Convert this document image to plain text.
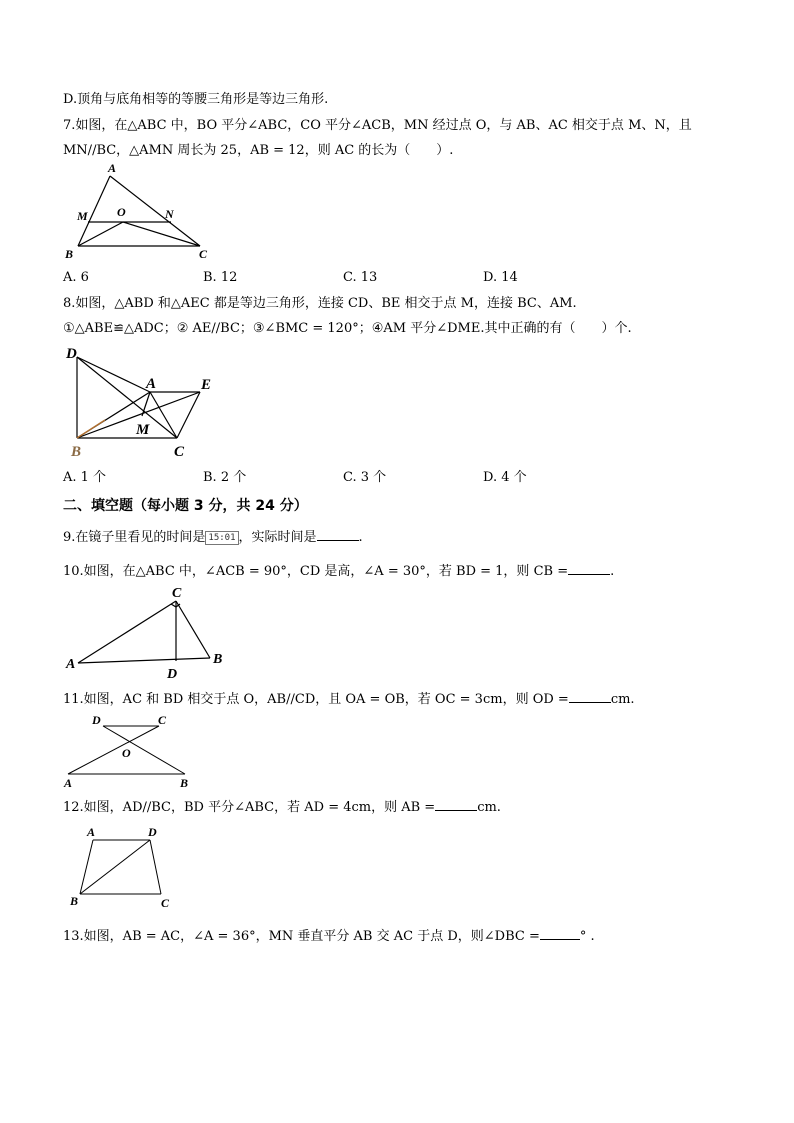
D.顶角与底角相等的等腰三角形是等边三角形.
7.如图，在△ABC 中，BO 平分∠ABC，CO 平分∠ACB，MN 经过点 O，与 AB、AC 相交于点 M、N，且
MN//BC，△AMN 周长为 25，AB = 12，则 AC 的长为（　　）.
A
M O	N
B	C
A. 6	B. 12	C. 13	D. 14
8.如图，△ABD 和△AEC 都是等边三角形，连接 CD、BE 相交于点 M，连接 BC、AM.
①△ABE≌△ADC；② AE//BC；③∠BMC = 120°；④AM 平分∠DME.其中正确的有（　　）个.
D
A	E
M
B	C
A. 1 个	B. 2 个	C. 3 个	D. 4 个
二、填空题（每小题 3 分，共 24 分）
9.在镜子里看见的时间是 15:01 ，实际时间是	.
10.如图，在△ABC 中，∠ACB = 90°，CD 是高，∠A = 30°，若 BD = 1，则 CB =	.
C
A
D
B
11.如图，AC 和 BD 相交于点 O，AB//CD，且 OA = OB，若 OC = 3cm，则 OD =	cm.
D	C
O
A	B
12.如图，AD//BC，BD 平分∠ABC，若 AD = 4cm，则 AB =	cm.
A	D
B	C
13.如图，AB = AC，∠A = 36°，MN 垂直平分 AB 交 AC 于点 D，则∠DBC =	° .
